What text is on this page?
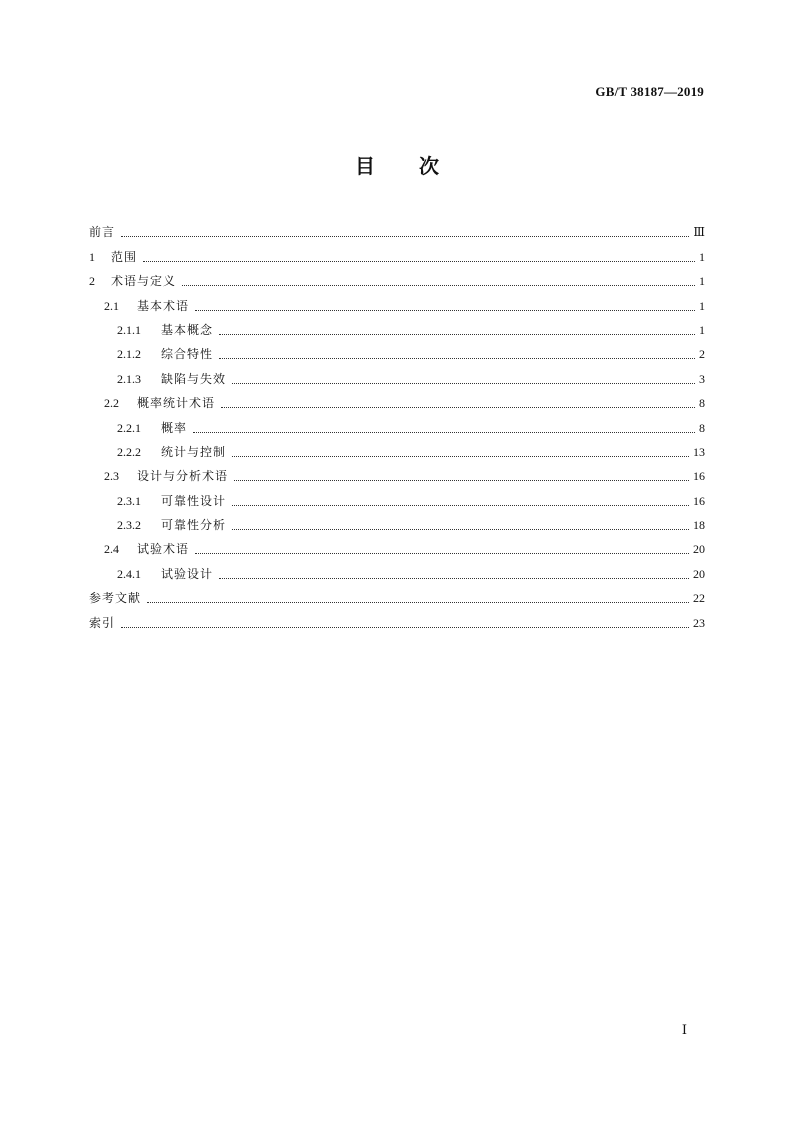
GB/T 38187—2019
目 次
前言	Ⅲ
1	范围	1
2	术语与定义	1
2.1	基本术语	1
2.1.1	基本概念	1
2.1.2	综合特性	2
2.1.3	缺陷与失效	3
2.2	概率统计术语	8
2.2.1	概率	8
2.2.2	统计与控制	13
2.3	设计与分析术语	16
2.3.1	可靠性设计	16
2.3.2	可靠性分析	18
2.4	试验术语	20
2.4.1	试验设计	20
参考文献	22
索引	23
Ⅰ
